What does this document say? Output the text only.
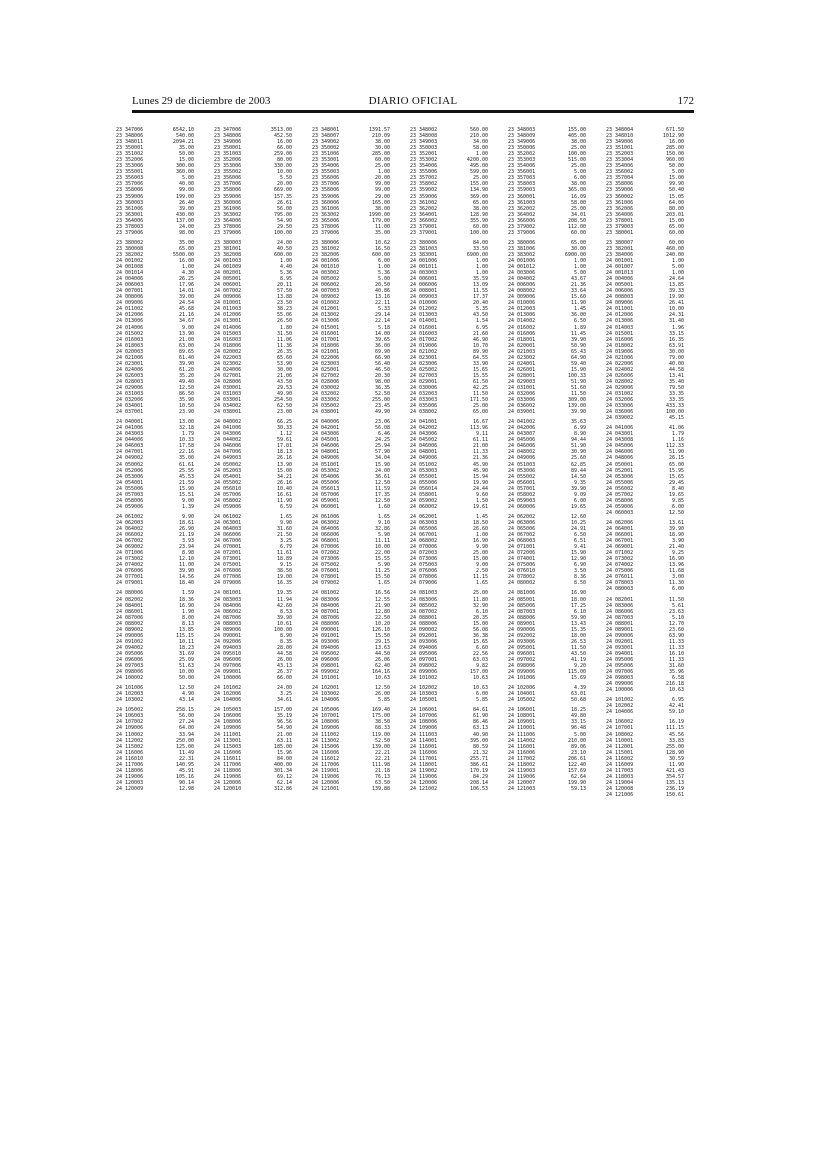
Lunes 29 de diciembre de 2003	DIARIO OFICIAL	172
23 347006	6542.10
23 348006	540.00
23 348011	2094.21
23 350001	35.00
23 351002	50.00
23 352006	15.00
23 353006	300.00
23 355001	360.00
23 356003	5.00
23 357006	40.00
23 358006	99.00
23 359006	199.00
23 360003	26.40
23 361006	39.00
23 363001	430.00
23 364006	137.00
23 378003	24.00
23 379006	98.00
23 380002	35.00
23 380008	65.00
23 382002	5500.00
24 001002	16.00
24 001008	1.00
24 001014	4.30
24 004006	26.25
24 006003	17.96
24 007001	14.01
24 008006	39.00
24 009006	24.54
24 011002	45.68
24 012006	21.16
24 013006	34.67
24 014006	9.00
24 015002	13.90
24 016003	21.00
24 018003	63.00
24 020003	89.65
24 021006	61.40
24 023001	39.90
24 024006	61.20
24 026003	35.20
24 028003	49.40
24 029006	12.50
24 031003	86.50
24 032006	35.90
24 034001	10.50
24 037001	23.90
24 040001	13.00
24 041006	32.18
24 043003	1.79
24 044006	10.33
24 046003	17.58
24 047001	22.16
24 049002	35.00
24 050002	61.61
24 052006	25.55
24 053006	45.53
24 054001	21.59
24 055006	15.90
24 057003	15.51
24 058006	9.00
24 059006	1.39
24 061002	9.90
24 062003	18.61
24 064002	26.90
24 066002	21.19
24 067002	3.93
24 069002	23.94
24 071006	8.98
24 073002	12.10
24 074002	11.00
24 076006	39.90
24 077001	14.56
24 079001	18.40
24 080006	1.59
24 082002	18.36
24 084001	16.90
24 086001	1.90
24 087006	8.00
24 088002	8.13
24 089002	13.85
24 090006	115.15
24 091002	10.11
24 094002	18.23
24 095006	31.69
24 096006	25.09
24 097003	51.63
24 098006	10.00
24 100002	50.00
24 101006	12.50
24 102003	4.90
24 103002	43.14
24 105002	258.15
24 106003	56.00
24 107002	27.24
24 109006	64.00
24 110002	33.94
24 112002	250.00
24 115002	125.00
24 116006	11.49
24 116010	22.31
24 117006	140.95
24 118006	45.91
24 119006	105.16
24 120003	90.14
24 120009	12.98
23 347006	3513.00
23 348006	452.50
23 349006	16.00
23 350001	66.00
23 351003	259.00
23 352006	80.00
23 353006	330.00
23 355002	10.00
23 356006	5.50
23 357006	20.00
23 358006	669.00
23 359006	157.35
23 360006	26.61
23 361006	56.00
23 363002	795.00
23 364006	54.90
23 378006	29.50
23 379006	100.00
23 380003	24.00
23 381001	40.50
23 382008	600.00
24 001003	1.00
24 001009	4.40
24 002001	5.36
24 005001	8.95
24 006001	20.11
24 007002	57.50
24 009006	13.88
24 010001	23.50
24 011003	38.23
24 012006	55.06
24 013001	26.50
24 014006	1.80
24 015003	31.50
24 016003	11.06
24 018006	11.36
24 020002	26.35
24 022003	65.60
24 023002	53.90
24 024006	30.00
24 027001	21.06
24 028006	43.50
24 030001	29.53
24 031003	49.90
24 033001	254.50
24 034002	62.50
24 038001	23.00
24 040002	66.25
24 041006	30.33
24 043006	1.12
24 044002	59.61
24 046006	17.01
24 047006	18.13
24 049003	26.16
24 050002	13.90
24 052003	15.00
24 054001	34.21
24 055002	26.16
24 056010	10.40
24 057006	16.61
24 058002	11.90
24 059006	6.59
24 061002	1.65
24 063001	9.90
24 064003	31.60
24 066006	21.50
24 067006	3.25
24 070001	6.79
24 072001	11.61
24 073001	18.89
24 075001	9.15
24 076006	38.50
24 077006	19.00
24 079006	16.35
24 081001	19.35
24 083003	11.94
24 084006	42.60
24 086002	8.53
24 087006	39.90
24 088003	10.61
24 089006	100.00
24 090001	8.90
24 092006	8.35
24 094003	28.00
24 095010	44.58
24 096006	26.00
24 097006	43.13
24 099001	26.37
24 100006	66.00
24 101002	24.00
24 102006	3.25
24 104006	34.61
24 105003	157.00
24 106006	35.19
24 108006	96.56
24 109006	54.90
24 111001	21.00
24 113001	63.11
24 115003	185.00
24 116006	15.96
24 116011	84.00
24 117006	400.00
24 118006	301.34
24 119006	69.12
24 120006	62.14
24 120010	312.86
23 348001	1391.57
23 348007	210.09
23 349002	38.00
23 350002	30.00
23 351006	285.00
23 353001	60.00
23 354006	25.00
23 355003	1.00
23 356006	20.00
23 357006	99.00
23 358006	99.00
23 359006	29.00
23 360006	165.00
23 361006	38.00
23 363002	1990.00
23 365006	179.00
23 378006	11.00
23 379006	35.00
23 380006	10.62
23 381002	16.50
23 382006	600.00
24 001006	6.00
24 001010	1.00
24 003002	5.36
24 005002	5.00
24 006002	20.50
24 007003	40.86
24 009002	13.16
24 010002	22.11
24 012001	5.33
24 013002	29.14
24 013006	22.14
24 015001	5.18
24 016001	14.00
24 017001	39.65
24 018006	36.00
24 021001	69.90
24 022006	66.90
24 023003	56.40
24 025001	46.50
24 027002	20.30
24 028006	98.00
24 030002	36.35
24 032002	52.50
24 033002	255.00
24 035002	23.45
24 038001	49.90
24 040006	23.06
24 042001	56.08
24 043006	6.46
24 045001	24.25
24 046006	25.94
24 048001	57.90
24 049006	34.04
24 051001	15.90
24 053002	24.00
24 054006	36.61
24 055006	12.50
24 056013	11.59
24 057006	17.35
24 059001	12.50
24 060001	1.60
24 061006	1.65
24 063002	9.10
24 064006	32.86
24 066006	5.90
24 068001	11.11
24 070006	10.00
24 072002	22.00
24 073006	15.55
24 075002	5.90
24 076001	11.25
24 078001	15.50
24 079002	1.65
24 081002	16.56
24 083006	12.55
24 084006	21.90
24 087001	12.80
24 087006	22.50
24 088006	10.20
24 090001	126.10
24 091001	15.50
24 093006	29.15
24 094006	13.63
24 095002	44.50
24 096006	26.06
24 098001	62.40
24 099002	164.16
24 101001	10.63
24 102001	12.50
24 103002	26.00
24 104006	5.85
24 105006	169.40
24 107001	175.00
24 108006	38.50
24 109006	68.33
24 111002	119.00
24 113002	52.50
24 115006	139.00
24 116006	22.21
24 116012	22.21
24 117006	111.98
24 119001	21.18
24 119006	76.13
24 120006	63.50
24 121001	139.88
23 348002	560.00
23 348008	210.00
23 349003	34.00
23 350003	58.00
23 352001	1.00
23 353002	4200.00
23 354006	495.00
23 355006	599.00
23 357002	25.00
23 358002	155.00
23 359002	134.90
23 359006	369.00
23 361002	65.00
23 362002	38.00
23 364001	128.90
23 366002	355.90
23 379001	60.00
23 379001	100.00
23 380006	84.00
23 381003	33.50
23 383001	6900.00
24 001006	1.00
24 001011	1.00
24 003003	1.00
24 006001	35.59
24 006006	13.09
24 008001	11.55
24 009003	17.37
24 010006	20.40
24 012002	5.35
24 013003	43.50
24 014001	1.54
24 016001	6.95
24 016003	21.60
24 017002	46.90
24 019006	10.70
24 021002	89.90
24 023001	64.55
24 023006	33.90
24 025002	15.65
24 027003	15.55
24 029001	61.50
24 030006	42.25
24 032003	11.50
24 033003	171.50
24 035006	25.00
24 038002	65.00
24 041001	16.67
24 042002	113.96
24 043006	9.11
24 045002	61.11
24 046006	21.00
24 048001	11.33
24 049006	21.36
24 051002	45.90
24 053003	45.90
24 055001	15.94
24 055006	19.90
24 056014	24.44
24 058001	9.60
24 059002	1.50
24 060002	19.61
24 062001	1.45
24 063003	18.50
24 065006	26.60
24 067001	1.00
24 068002	16.90
24 070006	9.90
24 072003	25.00
24 073006	15.00
24 075003	9.00
24 076006	2.50
24 078006	11.15
24 079006	1.65
24 081003	25.00
24 083006	11.80
24 085002	32.90
24 087002	6.10
24 088001	20.35
24 088006	15.00
24 090002	56.08
24 092001	36.38
24 093006	15.65
24 094006	6.60
24 095006	22.56
24 097001	63.03
24 098002	9.82
24 099006	157.00
24 101002	10.63
24 102002	10.63
24 103003	6.00
24 105001	5.85
24 106001	84.61
24 107006	61.90
24 108006	86.46
24 109006	63.13
24 111003	40.90
24 114001	395.00
24 116001	80.59
24 116006	21.32
24 117001	255.71
24 118001	386.61
24 119002	170.19
24 119006	84.29
24 120006	208.14
24 121002	106.53
23 348003	155.00
23 348009	405.00
23 349006	38.00
23 350006	25.00
23 352002	100.00
23 353003	515.00
23 354006	25.00
23 356001	5.00
23 357003	6.00
23 358003	38.00
23 359003	365.00
23 360001	16.09
23 361003	58.00
23 362002	25.00
23 364002	34.01
23 366006	208.50
23 379002	112.00
23 379006	60.00
23 380006	65.00
23 381006	30.00
23 383002	6900.00
24 001006	1.00
24 001012	1.00
24 003006	5.00
24 004002	43.67
24 006006	21.36
24 008002	33.64
24 009006	15.60
24 010006	11.90
24 012003	1.45
24 013006	36.00
24 014002	6.50
24 016002	1.89
24 016006	11.45
24 018001	39.90
24 020001	50.90
24 021003	65.43
24 023002	64.90
24 024001	59.40
24 026001	15.90
24 028001	100.33
24 029003	51.90
24 031001	51.60
24 032006	11.50
24 033006	309.00
24 036002	139.00
24 039001	39.90
24 041002	35.63
24 042006	6.99
24 043007	8.90
24 045006	94.44
24 046006	51.90
24 048002	30.90
24 049006	25.60
24 051003	62.85
24 053006	89.44
24 055002	14.50
24 056001	9.35
24 057001	39.90
24 058002	9.09
24 059003	6.00
24 060006	19.65
24 062002	12.60
24 063006	10.25
24 065006	24.91
24 067002	6.50
24 068003	6.51
24 071001	9.41
24 072006	15.90
24 074001	12.90
24 075006	6.90
24 076010	3.50
24 078002	8.36
24 080002	8.50
24 081006	16.90
24 085001	18.00
24 085006	17.25
24 087003	6.10
24 088006	59.90
24 089001	13.43
24 090006	15.35
24 092002	18.00
24 093006	26.53
24 095001	11.50
24 096001	43.50
24 097002	41.19
24 098006	9.20
24 099006	115.00
24 101006	15.69
24 102006	4.39
24 104001	63.01
24 105002	50.68
24 106001	18.25
24 108001	49.80
24 109001	33.15
24 110001	96.48
24 111006	5.00
24 114002	210.00
24 116001	89.06
24 116006	23.10
24 117002	206.61
24 118002	122.40
24 119003	157.69
24 119006	62.64
24 120007	199.90
24 121003	59.13
23 348004	671.50
23 348010	1012.90
23 349006	16.00
23 351001	285.00
23 352003	150.00
23 353004	960.00
23 354006	50.00
23 356002	5.00
23 357004	15.00
23 358006	99.90
23 359006	50.40
23 360002	15.05
23 361006	64.00
23 362006	80.00
23 364006	203.01
23 378001	15.00
23 379003	65.00
23 380001	60.00
23 380007	60.00
23 382001	460.00
23 384006	240.00
24 001001	1.00
24 001007	5.00
24 001013	1.00
24 004006	24.64
24 005001	13.85
24 006006	39.33
24 008003	19.90
24 009006	26.41
24 011001	10.00
24 012006	24.31
24 013006	31.40
24 014003	1.96
24 015001	33.15
24 016006	16.35
24 018002	63.91
24 019006	30.00
24 021006	79.00
24 022006	40.00
24 024002	44.58
24 026006	13.41
24 028002	35.40
24 029006	79.50
24 031002	33.35
24 032006	33.35
24 033006	433.33
24 036006	100.00
24 039002	45.15
24 041006	41.06
24 043001	1.79
24 043008	1.16
24 045006	112.33
24 046006	51.90
24 048006	26.15
24 050001	65.00
24 052001	15.95
24 053006	15.65
24 055006	29.45
24 056002	8.40
24 057002	19.65
24 058006	9.85
24 059006	6.00
24 060003	12.50
24 062006	13.61
24 064001	39.90
24 066001	18.90
24 067001	3.90
24 069001	21.40
24 071002	9.25
24 073002	16.90
24 074002	13.96
24 075006	11.68
24 076011	3.00
24 078003	11.30
24 080003	6.00
24 082001	11.50
24 083006	5.61
24 086006	23.63
24 087003	5.10
24 088001	12.70
24 089001	23.60
24 090006	63.90
24 092001	11.33
24 093001	11.33
24 094001	16.10
24 095006	11.33
24 095006	31.60
24 097006	35.96
24 098003	6.58
24 099006	216.18
24 100006	10.63
24 101002	6.95
24 102002	42.41
24 104006	59.10
24 106002	16.19
24 107001	111.15
24 108002	45.56
24 110001	33.83
24 112001	255.00
24 115001	128.90
24 116002	30.59
24 116009	11.90
24 117003	421.43
24 118003	354.57
24 119004	135.13
24 120008	236.19
24 121006	150.61
